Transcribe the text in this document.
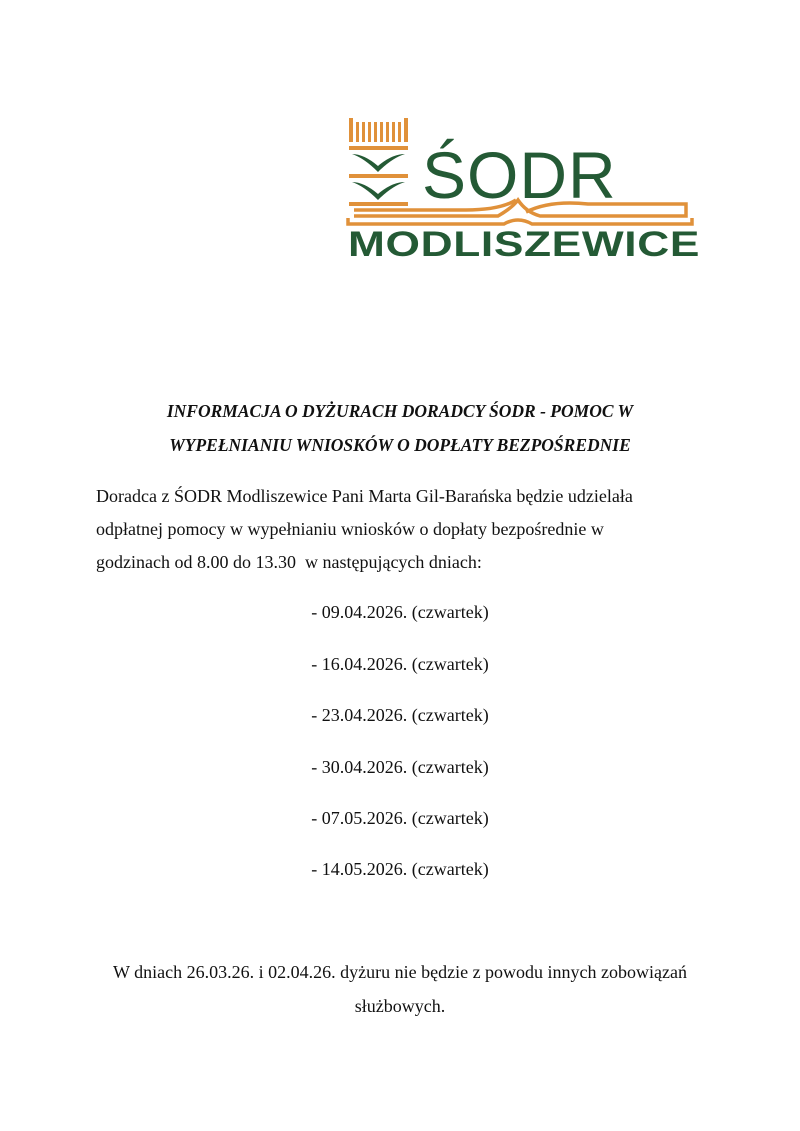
ŚODR
MODLISZEWICE

INFORMACJA O DYŻURACH DORADCY ŚODR - POMOC W

WYPEŁNIANIU WNIOSKÓW O DOPŁATY BEZPOŚREDNIE

Doradca z ŚODR Modliszewice Pani Marta Gil-Barańska będzie udzielała

odpłatnej pomocy w wypełnianiu wniosków o dopłaty bezpośrednie w

godzinach od 8.00 do 13.30  w następujących dniach:

- 09.04.2026. (czwartek)

- 16.04.2026. (czwartek)

- 23.04.2026. (czwartek)

- 30.04.2026. (czwartek)

- 07.05.2026. (czwartek)

- 14.05.2026. (czwartek)

W dniach 26.03.26. i 02.04.26. dyżuru nie będzie z powodu innych zobowiązań

służbowych.
